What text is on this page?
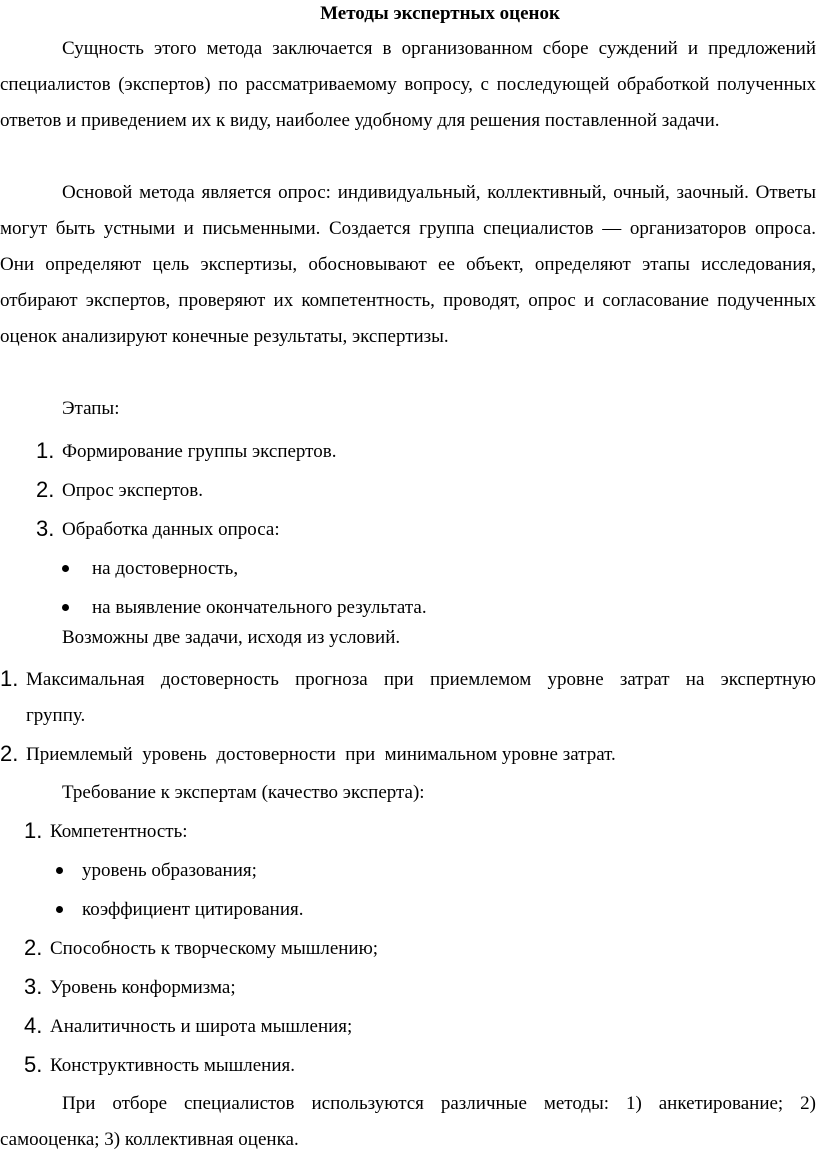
Методы экспертных оценок

Сущность этого метода заключается в организованном сборе суждений и предложений специалистов (экспертов) по рассматриваемому вопросу, с последующей обработкой полученных ответов и приведением их к виду, наиболее удобному для решения поставленной задачи.

Основой метода является опрос: индивидуальный, коллективный, очный, заочный. Ответы могут быть устными и письменными. Создается группа специалистов — организаторов опроса. Они определяют цель экспертизы, обосновывают ее объект, определяют этапы исследования, отбирают экспертов, проверяют их компетентность, проводят, опрос и согласование подученных оценок анализируют конечные результаты, экспертизы.

Этапы:
1. Формирование группы экспертов.
2. Опрос экспертов.
3. Обработка данных опроса:
на достоверность,
на выявление окончательного результата.
Возможны две задачи, исходя из условий.
1. Максимальная достоверность прогноза при приемлемом уровне затрат на экспертную
группу.
2. Приемлемый  уровень  достоверности  при  минимальном уровне затрат.
Требование к экспертам (качество эксперта):
1. Компетентность:
уровень образования;
коэффициент цитирования.
2. Способность к творческому мышлению;
3. Уровень конформизма;
4. Аналитичность и широта мышления;
5. Конструктивность мышления.
При отборе специалистов используются различные методы: 1) анкетирование; 2)
самооценка; 3) коллективная оценка.
